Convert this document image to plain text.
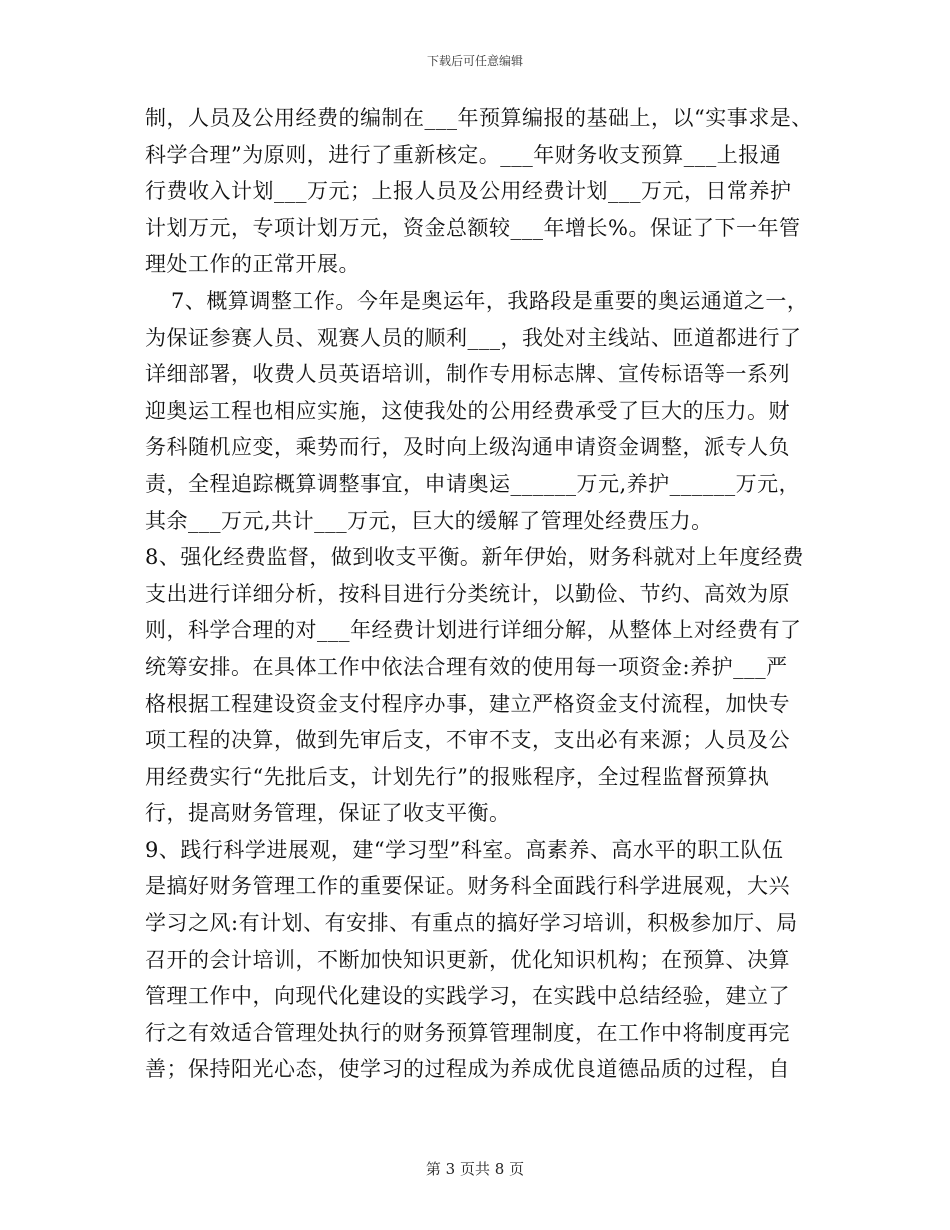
下载后可任意编辑
制，人员及公用经费的编制在___年预算编报的基础上，以“实事求是、
科学合理”为原则，进行了重新核定。___年财务收支预算___上报通
行费收入计划___万元；上报人员及公用经费计划___万元，日常养护
计划万元，专项计划万元，资金总额较___年增长%。保证了下一年管
理处工作的正常开展。
7、概算调整工作。今年是奥运年，我路段是重要的奥运通道之一，
为保证参赛人员、观赛人员的顺利___，我处对主线站、匝道都进行了
详细部署，收费人员英语培训，制作专用标志牌、宣传标语等一系列
迎奥运工程也相应实施，这使我处的公用经费承受了巨大的压力。财
务科随机应变，乘势而行，及时向上级沟通申请资金调整，派专人负
责，全程追踪概算调整事宜，申请奥运______万元,养护______万元，
其余___万元,共计___万元，巨大的缓解了管理处经费压力。
8、强化经费监督，做到收支平衡。新年伊始，财务科就对上年度经费
支出进行详细分析，按科目进行分类统计，以勤俭、节约、高效为原
则，科学合理的对___年经费计划进行详细分解，从整体上对经费有了
统筹安排。在具体工作中依法合理有效的使用每一项资金:养护___严
格根据工程建设资金支付程序办事，建立严格资金支付流程，加快专
项工程的决算，做到先审后支，不审不支，支出必有来源；人员及公
用经费实行“先批后支，计划先行”的报账程序，全过程监督预算执
行，提高财务管理，保证了收支平衡。
9、践行科学进展观，建“学习型”科室。高素养、高水平的职工队伍
是搞好财务管理工作的重要保证。财务科全面践行科学进展观，大兴
学习之风:有计划、有安排、有重点的搞好学习培训，积极参加厅、局
召开的会计培训，不断加快知识更新，优化知识机构；在预算、决算
管理工作中，向现代化建设的实践学习，在实践中总结经验，建立了
行之有效适合管理处执行的财务预算管理制度，在工作中将制度再完
善；保持阳光心态，使学习的过程成为养成优良道德品质的过程，自
第 3 页共 8 页
